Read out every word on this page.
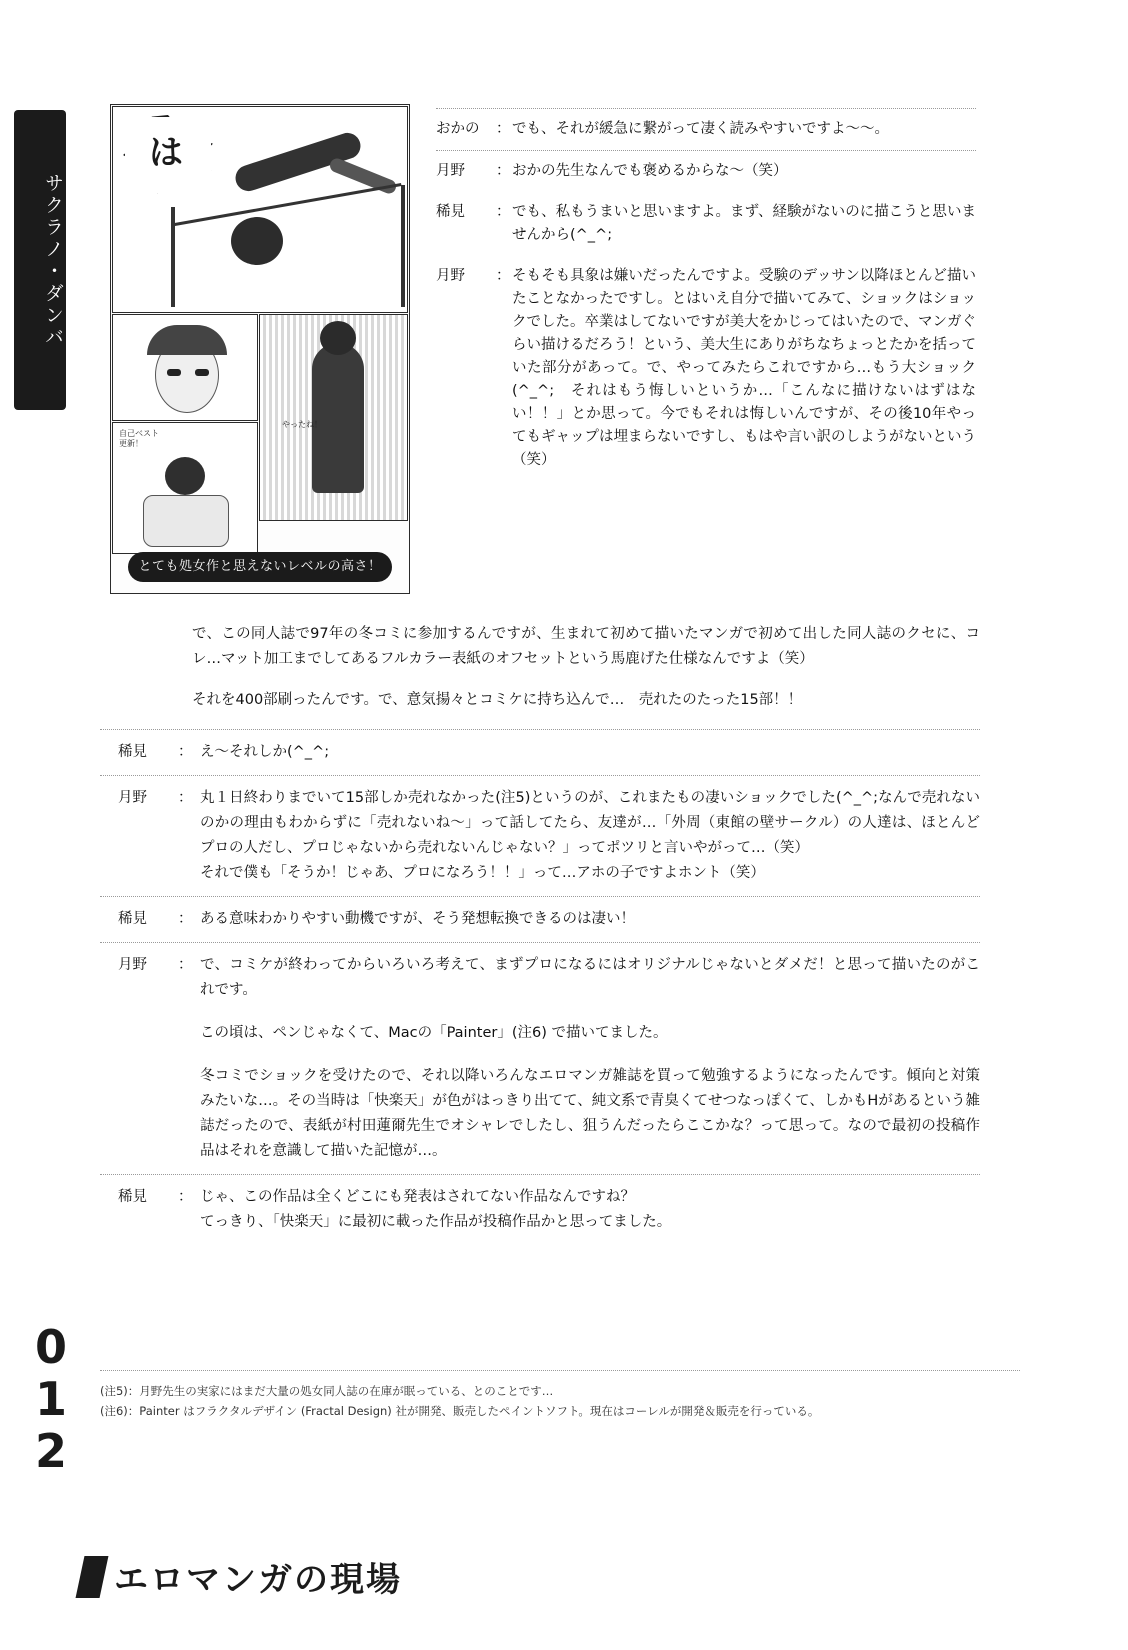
サクラノ・ダンバ
012
は
自己ベスト更新！
やったね！
とても処女作と思えないレベルの高さ！
おかの	： でも、それが緩急に繋がって凄く読みやすいですよ〜〜。
月野	： おかの先生なんでも褒めるからな〜（笑）
稀見	： でも、私もうまいと思いますよ。まず、経験がないのに描こうと思いませんから(^_^;
月野	： そもそも具象は嫌いだったんですよ。受験のデッサン以降ほとんど描いたことなかったですし。とはいえ自分で描いてみて、ショックはショックでした。卒業はしてないですが美大をかじってはいたので、マンガぐらい描けるだろう！という、美大生にありがちなちょっとたかを括っていた部分があって。で、やってみたらこれですから…もう大ショック(^_^;　それはもう悔しいというか…「こんなに描けないはずはない！！」とか思って。今でもそれは悔しいんですが、その後10年やってもギャップは埋まらないですし、もはや言い訳のしようがないという（笑）

で、この同人誌で97年の冬コミに参加するんですが、生まれて初めて描いたマンガで初めて出した同人誌のクセに、コレ…マット加工までしてあるフルカラー表紙のオフセットという馬鹿げた仕様なんですよ（笑）

それを400部刷ったんです。で、意気揚々とコミケに持ち込んで…　売れたのたった15部！！

稀見	： え〜それしか(^_^;
月野	： 丸１日終わりまでいて15部しか売れなかった(注5)というのが、これまたもの凄いショックでした(^_^;なんで売れないのかの理由もわからずに「売れないね〜」って話してたら、友達が…「外周（東館の壁サークル）の人達は、ほとんどプロの人だし、プロじゃないから売れないんじゃない？」ってポツリと言いやがって…（笑）
それで僕も「そうか！じゃあ、プロになろう！！」って…アホの子ですよホント（笑）
稀見	： ある意味わかりやすい動機ですが、そう発想転換できるのは凄い！
月野	： で、コミケが終わってからいろいろ考えて、まずプロになるにはオリジナルじゃないとダメだ！と思って描いたのがこれです。
この頃は、ペンじゃなくて、Macの「Painter」(注6) で描いてました。
冬コミでショックを受けたので、それ以降いろんなエロマンガ雑誌を買って勉強するようになったんです。傾向と対策みたいな…。その当時は「快楽天」が色がはっきり出てて、純文系で青臭くてせつなっぽくて、しかもHがあるという雑誌だったので、表紙が村田蓮爾先生でオシャレでしたし、狙うんだったらここかな？って思って。なので最初の投稿作品はそれを意識して描いた記憶が…。
稀見	： じゃ、この作品は全くどこにも発表はされてない作品なんですね？
てっきり、「快楽天」に最初に載った作品が投稿作品かと思ってました。
(注5)：月野先生の実家にはまだ大量の処女同人誌の在庫が眠っている、とのことです…
(注6)：Painter はフラクタルデザイン (Fractal Design) 社が開発、販売したペイントソフト。現在はコーレルが開発＆販売を行っている。
エロマンガの現場
